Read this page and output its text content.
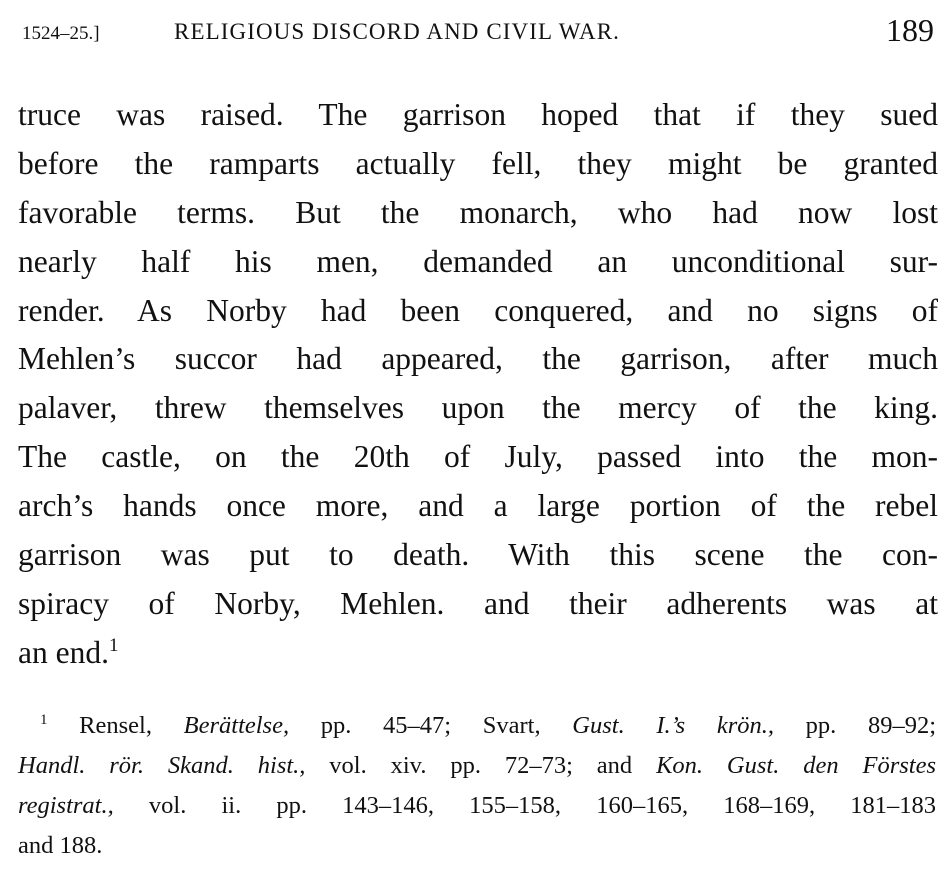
1524–25.]	RELIGIOUS DISCORD AND CIVIL WAR.	189
truce was raised. The garrison hoped that if they sued
before the ramparts actually fell, they might be granted
favorable terms. But the monarch, who had now lost
nearly half his men, demanded an unconditional sur-
render. As Norby had been conquered, and no signs of
Mehlen’s succor had appeared, the garrison, after much
palaver, threw themselves upon the mercy of the king.
The castle, on the 20th of July, passed into the mon-
arch’s hands once more, and a large portion of the rebel
garrison was put to death. With this scene the con-
spiracy of Norby, Mehlen. and their adherents was at
an end.$^1$
$^1$ Rensel, Berättelse, pp. 45–47; Svart, Gust. I.’s krön., pp. 89–92;
Handl. rör. Skand. hist., vol. xiv. pp. 72–73; and Kon. Gust. den Förstes
registrat., vol. ii. pp. 143–146, 155–158, 160–165, 168–169, 181–183
and 188.
